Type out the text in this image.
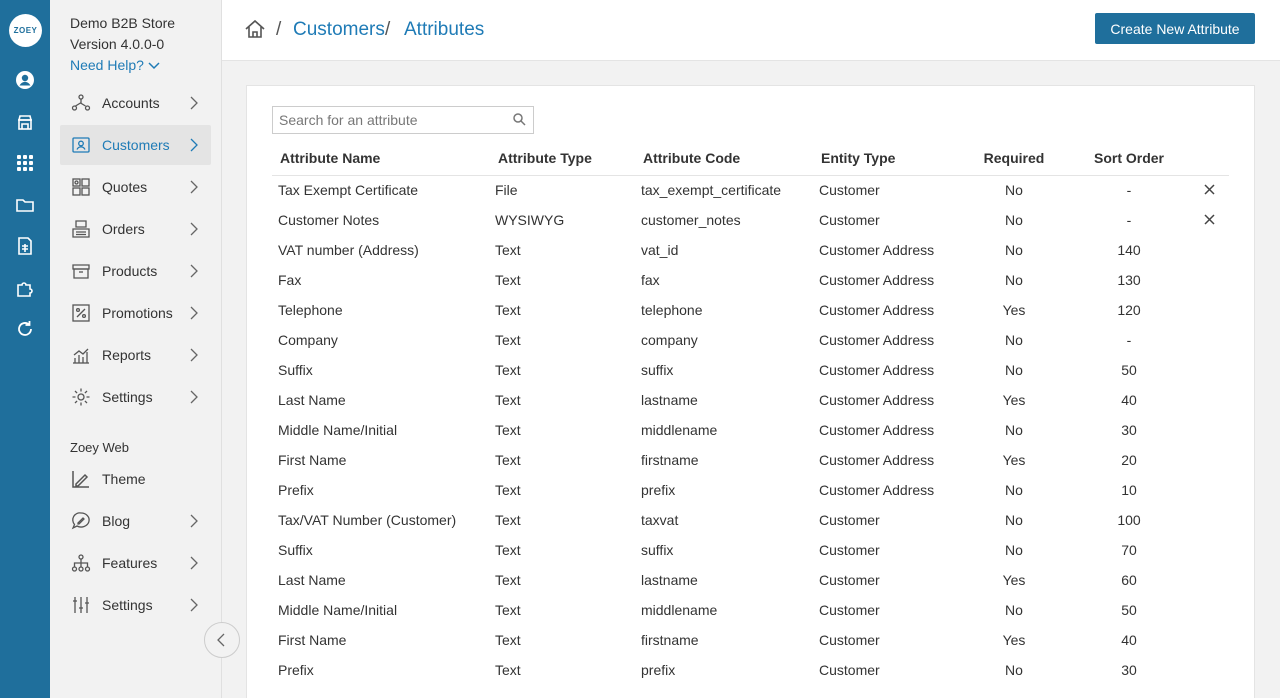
ZOEY	Demo B2B Store
Version 4.0.0-0
Need Help?
Accounts
Customers
Quotes
Orders
Products
Promotions
Reports
Settings
Zoey Web
Theme
Blog
Features
Settings
/ Customers / Attributes	Create New Attribute
Search for an attribute
Attribute Name	Attribute Type	Attribute Code	Entity Type	Required	Sort Order	
Tax Exempt Certificate	File	tax_exempt_certificate	Customer	No	-	
Customer Notes	WYSIWYG	customer_notes	Customer	No	-	
VAT number (Address)	Text	vat_id	Customer Address	No	140	
Fax	Text	fax	Customer Address	No	130	
Telephone	Text	telephone	Customer Address	Yes	120	
Company	Text	company	Customer Address	No	-	
Suffix	Text	suffix	Customer Address	No	50	
Last Name	Text	lastname	Customer Address	Yes	40	
Middle Name/Initial	Text	middlename	Customer Address	No	30	
First Name	Text	firstname	Customer Address	Yes	20	
Prefix	Text	prefix	Customer Address	No	10	
Tax/VAT Number (Customer)	Text	taxvat	Customer	No	100	
Suffix	Text	suffix	Customer	No	70	
Last Name	Text	lastname	Customer	Yes	60	
Middle Name/Initial	Text	middlename	Customer	No	50	
First Name	Text	firstname	Customer	Yes	40	
Prefix	Text	prefix	Customer	No	30	
